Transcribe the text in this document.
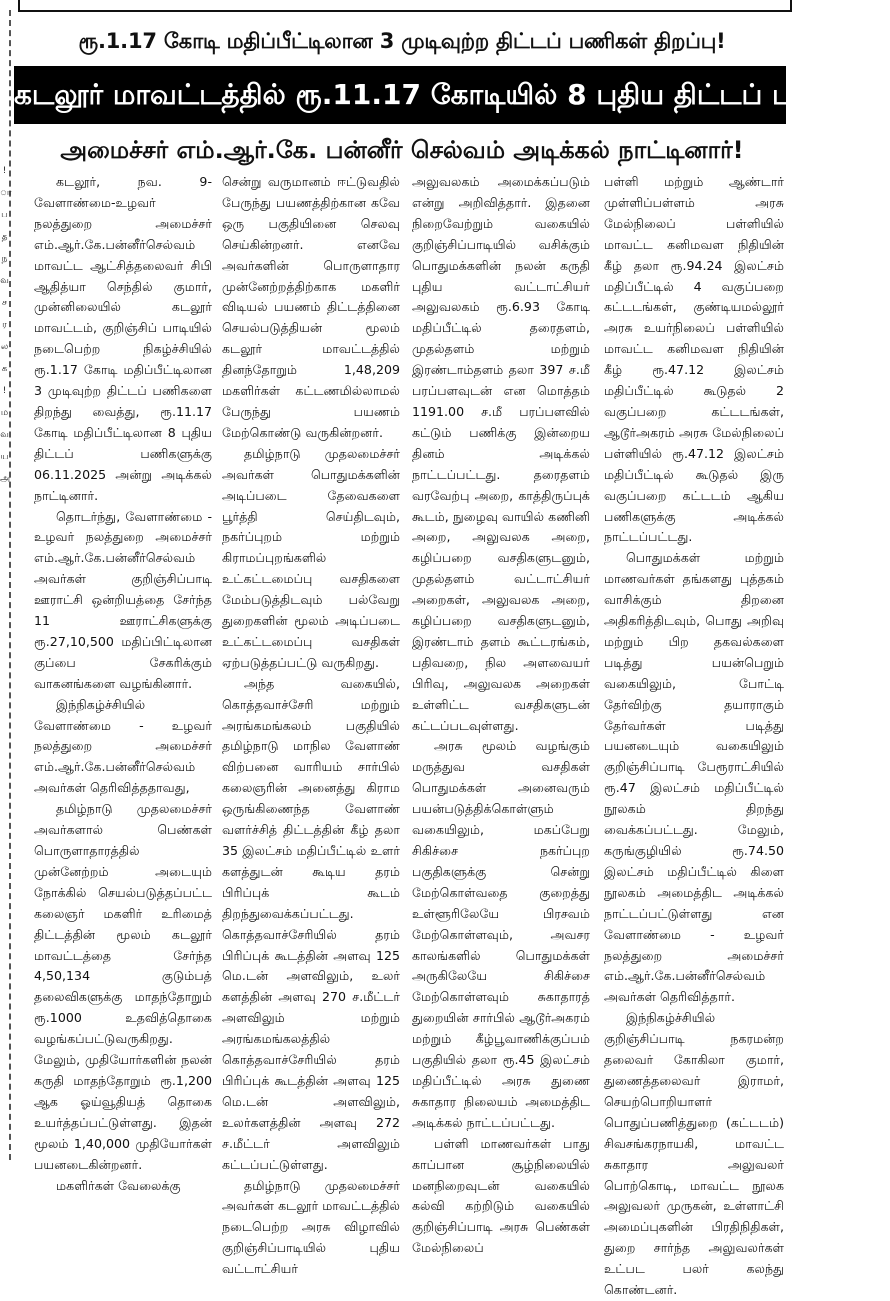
!
ா
ப
த
ந
வ
ச
ர
ல
க
!
ம
வ
ய
அ
ரூ.1.17 கோடி மதிப்பீட்டிலான 3 முடிவுற்ற திட்டப் பணிகள் திறப்பு!
கடலூர் மாவட்டத்தில் ரூ.11.17 கோடியில் 8 புதிய திட்டப் பணிகள்!
அமைச்சர் எம்.ஆர்.கே. பன்னீர் செல்வம் அடிக்கல் நாட்டினார்!

கடலூர், நவ. 9- வேளாண்மை-உழவர் நலத்துறை அமைச்சர் எம்.ஆர்.கே.பன்னீர்செல்வம் மாவட்ட ஆட்சித்தலைவர் சிபி ஆதித்யா செந்தில் குமார், முன்னிலையில் கடலூர் மாவட்டம், குறிஞ்சிப் பாடியில் நடைபெற்ற நிகழ்ச்சியில் ரூ.1.17 கோடி மதிப்பீட்டிலான 3 முடிவுற்ற திட்டப் பணிகளை திறந்து வைத்து, ரூ.11.17 கோடி மதிப்பீட்டிலான 8 புதிய திட்டப் பணிகளுக்கு 06.11.2025 அன்று அடிக்கல் நாட்டினார்.

தொடர்ந்து, வேளாண்மை - உழவர் நலத்துறை அமைச்சர் எம்.ஆர்.கே.பன்னீர்செல்வம் அவர்கள் குறிஞ்சிப்பாடி ஊராட்சி ஒன்றியத்தை சேர்ந்த 11 ஊராட்சிகளுக்கு ரூ.27,10,500 மதிப்பிட்டிலான குப்பை சேகரிக்கும் வாகனங்களை வழங்கினார்.

இந்நிகழ்ச்சியில் வேளாண்மை - உழவர் நலத்துறை அமைச்சர் எம்.ஆர்.கே.பன்னீர்செல்வம் அவர்கள் தெரிவித்ததாவது,

தமிழ்நாடு முதலமைச்சர் அவர்களால் பெண்கள் பொருளாதாரத்தில் முன்னேற்றம் அடையும் நோக்கில் செயல்படுத்தப்பட்ட கலைஞர் மகளிர் உரிமைத் திட்டத்தின் மூலம் கடலூர் மாவட்டத்தை சேர்ந்த 4,50,134 குடும்பத் தலைவிகளுக்கு மாதந்தோறும் ரூ.1000 உதவித்தொகை வழங்கப்பட்டுவருகிறது. மேலும், முதியோர்களின் நலன் கருதி மாதந்தோறும் ரூ.1,200 ஆக ஓய்வூதியத் தொகை உயர்த்தப்பட்டுள்ளது. இதன் மூலம் 1,40,000 முதியோர்கள் பயனடைகின்றனர்.

மகளிர்கள் வேலைக்கு

சென்று வருமானம் ஈட்டுவதில் பேருந்து பயணத்திற்கான கவே ஒரு பகுதியினை செலவு செய்கின்றனர். எனவே அவர்களின் பொருளாதார முன்னேற்றத்திற்காக மகளிர் விடியல் பயணம் திட்டத்தினை செயல்படுத்தியன் மூலம் கடலூர் மாவட்டத்தில் தினந்தோறும் 1,48,209 மகளிர்கள் கட்டணமில்லாமல் பேருந்து பயணம் மேற்கொண்டு வருகின்றனர்.

தமிழ்நாடு முதலமைச்சர் அவர்கள் பொதுமக்களின் அடிப்படை தேவைகளை பூர்த்தி செய்திடவும், நகர்ப்புறம் மற்றும் கிராமப்புறங்களில் உட்கட்டமைப்பு வசதிகளை மேம்படுத்திடவும் பல்வேறு துறைகளின் மூலம் அடிப்படை உட்கட்டமைப்பு வசதிகள் ஏற்படுத்தப்பட்டு வருகிறது.

அந்த வகையில், கொத்தவாச்சேரி மற்றும் அரங்கமங்கலம் பகுதியில் தமிழ்நாடு மாநில வேளாண் விற்பனை வாரியம் சார்பில் கலைஞரின் அனைத்து கிராம ஒருங்கிணைந்த வேளாண் வளர்ச்சித் திட்டத்தின் கீழ் தலா 35 இலட்சம் மதிப்பீட்டில் உளர் களத்துடன் கூடிய தரம் பிரிப்புக் கூடம் திறந்துவைக்கப்பட்டது. கொத்தவாச்சேரியில் தரம் பிரிப்புக் கூடத்தின் அளவு 125 மெ.டன் அளவிலும், உலர் களத்தின் அளவு 270 ச.மீட்டர் அளவிலும் மற்றும் அரங்கமங்கலத்தில் கொத்தவாச்சேரியில் தரம் பிரிப்புக் கூடத்தின் அளவு 125 மெ.டன் அளவிலும், உலர்களத்தின் அளவு 272 ச.மீட்டர் அளவிலும் கட்டப்பட்டுள்ளது.

தமிழ்நாடு முதலமைச்சர் அவர்கள் கடலூர் மாவட்டத்தில் நடைபெற்ற அரசு விழாவில் குறிஞ்சிப்பாடியில் புதிய வட்டாட்சியர்

அலுவலகம் அமைக்கப்படும் என்று அறிவித்தார். இதனை நிறைவேற்றும் வகையில் குறிஞ்சிப்பாடியில் வசிக்கும் பொதுமக்களின் நலன் கருதி புதிய வட்டாட்சியர் அலுவலகம் ரூ.6.93 கோடி மதிப்பீட்டில் தரைதளம், முதல்தளம் மற்றும் இரண்டாம்தளம் தலா 397 ச.மீ பரப்பளவுடன் என மொத்தம் 1191.00 ச.மீ பரப்பளவில் கட்டும் பணிக்கு இன்றைய தினம் அடிக்கல் நாட்டப்பட்டது. தரைதளம் வரவேற்பு அறை, காத்திருப்புக் கூடம், நுழைவு வாயில் கணினி அறை, அலுவலக அறை, கழிப்பறை வசதிகளுடனும், முதல்தளம் வட்டாட்சியர் அறைகள், அலுவலக அறை, கழிப்பறை வசதிகளுடனும், இரண்டாம் தளம் கூட்டரங்கம், பதிவறை, நில அளவையர் பிரிவு, அலுவலக அறைகள் உள்ளிட்ட வசதிகளுடன் கட்டப்படவுள்ளது.

அரசு மூலம் வழங்கும் மருத்துவ வசதிகள் பொதுமக்கள் அனைவரும் பயன்படுத்திக்கொள்ளும் வகையிலும், மகப்பேறு சிகிச்சை நகர்ப்புற பகுதிகளுக்கு சென்று மேற்கொள்வதை குறைத்து உள்ளூரிலேயே பிரசவம் மேற்கொள்ளவும், அவசர காலங்களில் பொதுமக்கள் அருகிலேயே சிகிச்சை மேற்கொள்ளவும் சுகாதாரத் துறையின் சார்பில் ஆடூர்அகரம் மற்றும் கீழ்பூவாணிக்குப்பம் பகுதியில் தலா ரூ.45 இலட்சம் மதிப்பீட்டில் அரசு துணை சுகாதார நிலையம் அமைத்திட அடிக்கல் நாட்டப்பட்டது.

பள்ளி மாணவர்கள் பாது காப்பான சூழ்நிலையில் மனநிறைவுடன் வகையில் கல்வி கற்றிடும் வகையில் குறிஞ்சிப்பாடி அரசு பெண்கள் மேல்நிலைப்

பள்ளி மற்றும் ஆண்டார் முள்ளிப்பள்ளம் அரசு மேல்நிலைப் பள்ளியில் மாவட்ட கனிமவள நிதியின் கீழ் தலா ரூ.94.24 இலட்சம் மதிப்பீட்டில் 4 வகுப்பறை கட்டடங்கள், குண்டியமல்லூர் அரசு உயர்நிலைப் பள்ளியில் மாவட்ட கனிமவள நிதியின் கீழ் ரூ.47.12 இலட்சம் மதிப்பீட்டில் கூடுதல் 2 வகுப்பறை கட்டடங்கள், ஆடூர்அகரம் அரசு மேல்நிலைப் பள்ளியில் ரூ.47.12 இலட்சம் மதிப்பீட்டில் கூடுதல் இரு வகுப்பறை கட்டடம் ஆகிய பணிகளுக்கு அடிக்கல் நாட்டப்பட்டது.

பொதுமக்கள் மற்றும் மாணவர்கள் தங்களது புத்தகம் வாசிக்கும் திறனை அதிகரித்திடவும், பொது அறிவு மற்றும் பிற தகவல்களை படித்து பயன்பெறும் வகையிலும், போட்டி தேர்விற்கு தயாராகும் தேர்வர்கள் படித்து பயனடையும் வகையிலும் குறிஞ்சிப்பாடி பேரூராட்சியில் ரூ.47 இலட்சம் மதிப்பீட்டில் நூலகம் திறந்து வைக்கப்பட்டது. மேலும், கருங்குழியில் ரூ.74.50 இலட்சம் மதிப்பீட்டில் கிளை நூலகம் அமைத்திட அடிக்கல் நாட்டப்பட்டுள்ளது என வேளாண்மை - உழவர் நலத்துறை அமைச்சர் எம்.ஆர்.கே.பன்னீர்செல்வம் அவர்கள் தெரிவித்தார்.

இந்நிகழ்ச்சியில் குறிஞ்சிப்பாடி நகரமன்ற தலைவர் கோகிலா குமார், துணைத்தலைவர் இராமர், செயற்பொறியாளர் பொதுப்பணித்துறை (கட்டடம்) சிவசங்கரநாயகி, மாவட்ட சுகாதார அலுவலர் பொற்கொடி, மாவட்ட நூலக அலுவலர் முருகன், உள்ளாட்சி அமைப்புகளின் பிரதிநிதிகள், துறை சார்ந்த அலுவலர்கள் உட்பட பலர் கலந்து கொண்டனர்.
